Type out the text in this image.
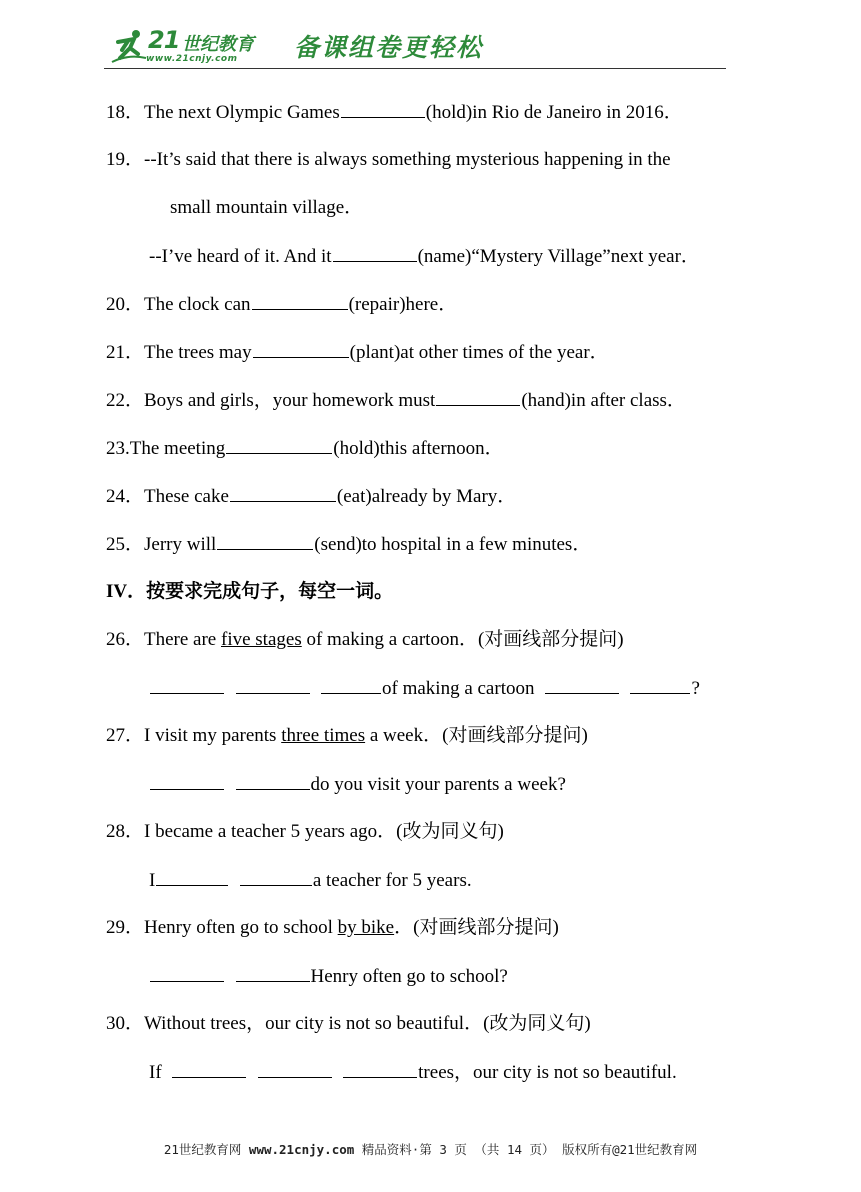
21 世纪教育
www.21cnjy.com 备课组卷更轻松
18．The next Olympic Games	(hold)in Rio de Janeiro in 2016．
19．--It’s said that there is always something mysterious happening in the
small mountain village．
--I’ve heard of it. And it	(name)“Mystery Village”next year．
20．The clock can	(repair)here．
21．The trees may	(plant)at other times of the year．
22．Boys and girls，your homework must	(hand)in after class．
23.The meeting	(hold)this afternoon．
24．These cake	(eat)already by Mary．
25．Jerry will	(send)to hospital in a few minutes．
IV．按要求完成句子，每空一词。
26．There are five stages of making a cartoon．(对画线部分提问)
of making a cartoon	?
27．I visit my parents three times a week．(对画线部分提问)
do you visit your parents a week?
28．I became a teacher 5 years ago．(改为同义句)
I	a teacher for 5 years.
29．Henry often go to school by bike．(对画线部分提问)
Henry often go to school?
30．Without trees，our city is not so beautiful．(改为同义句)
If	trees，our city is not so beautiful.
21世纪教育网 www.21cnjy.com 精品资料·第 3 页 （共 14 页） 版权所有@21世纪教育网
